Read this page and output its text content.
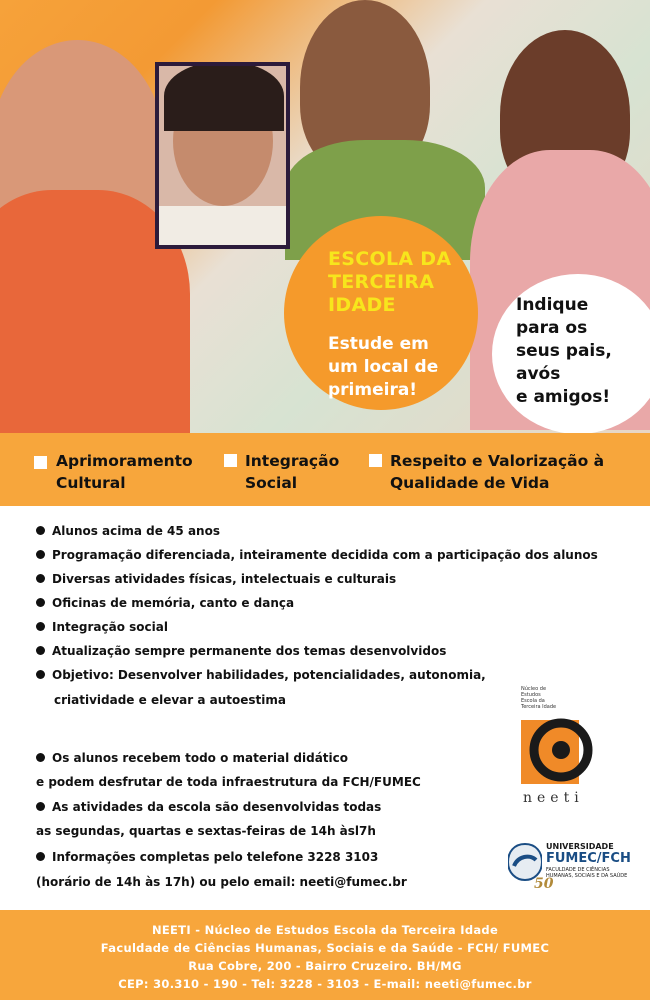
ESCOLA DA
TERCEIRA
IDADE
Estude em
um local de
primeira!
Indique
para os
seus pais,
avós
e amigos!
Aprimoramento
Cultural
Integração
Social
Respeito e Valorização à
Qualidade de Vida
Alunos acima de 45 anos
Programação diferenciada, inteiramente decidida com a participação dos alunos
Diversas atividades físicas, intelectuais e culturais
Oficinas de memória, canto e dança
Integração social
Atualização sempre permanente dos temas desenvolvidos
Objetivo: Desenvolver habilidades, potencialidades, autonomia,
criatividade e elevar a autoestima
Os alunos recebem todo o material didático
e podem desfrutar de toda infraestrutura da FCH/FUMEC
As atividades da escola são desenvolvidas todas
as segundas, quartas e sextas-feiras de 14h àsl7h
Informações completas pelo telefone 3228 3103
(horário de 14h às 17h) ou pelo email: neeti@fumec.br
Núcleo de
Estudos
Escola da
Terceira Idade
neeti
UNIVERSIDADE
FUMEC/FCH
FACULDADE DE CIÊNCIAS
HUMANAS, SOCIAIS E DA SAÚDE
50
NEETI - Núcleo de Estudos Escola da Terceira Idade
Faculdade de Ciências Humanas, Sociais e da Saúde - FCH/ FUMEC
Rua Cobre, 200 - Bairro Cruzeiro. BH/MG
CEP: 30.310 - 190 - Tel: 3228 - 3103 - E-mail: neeti@fumec.br
